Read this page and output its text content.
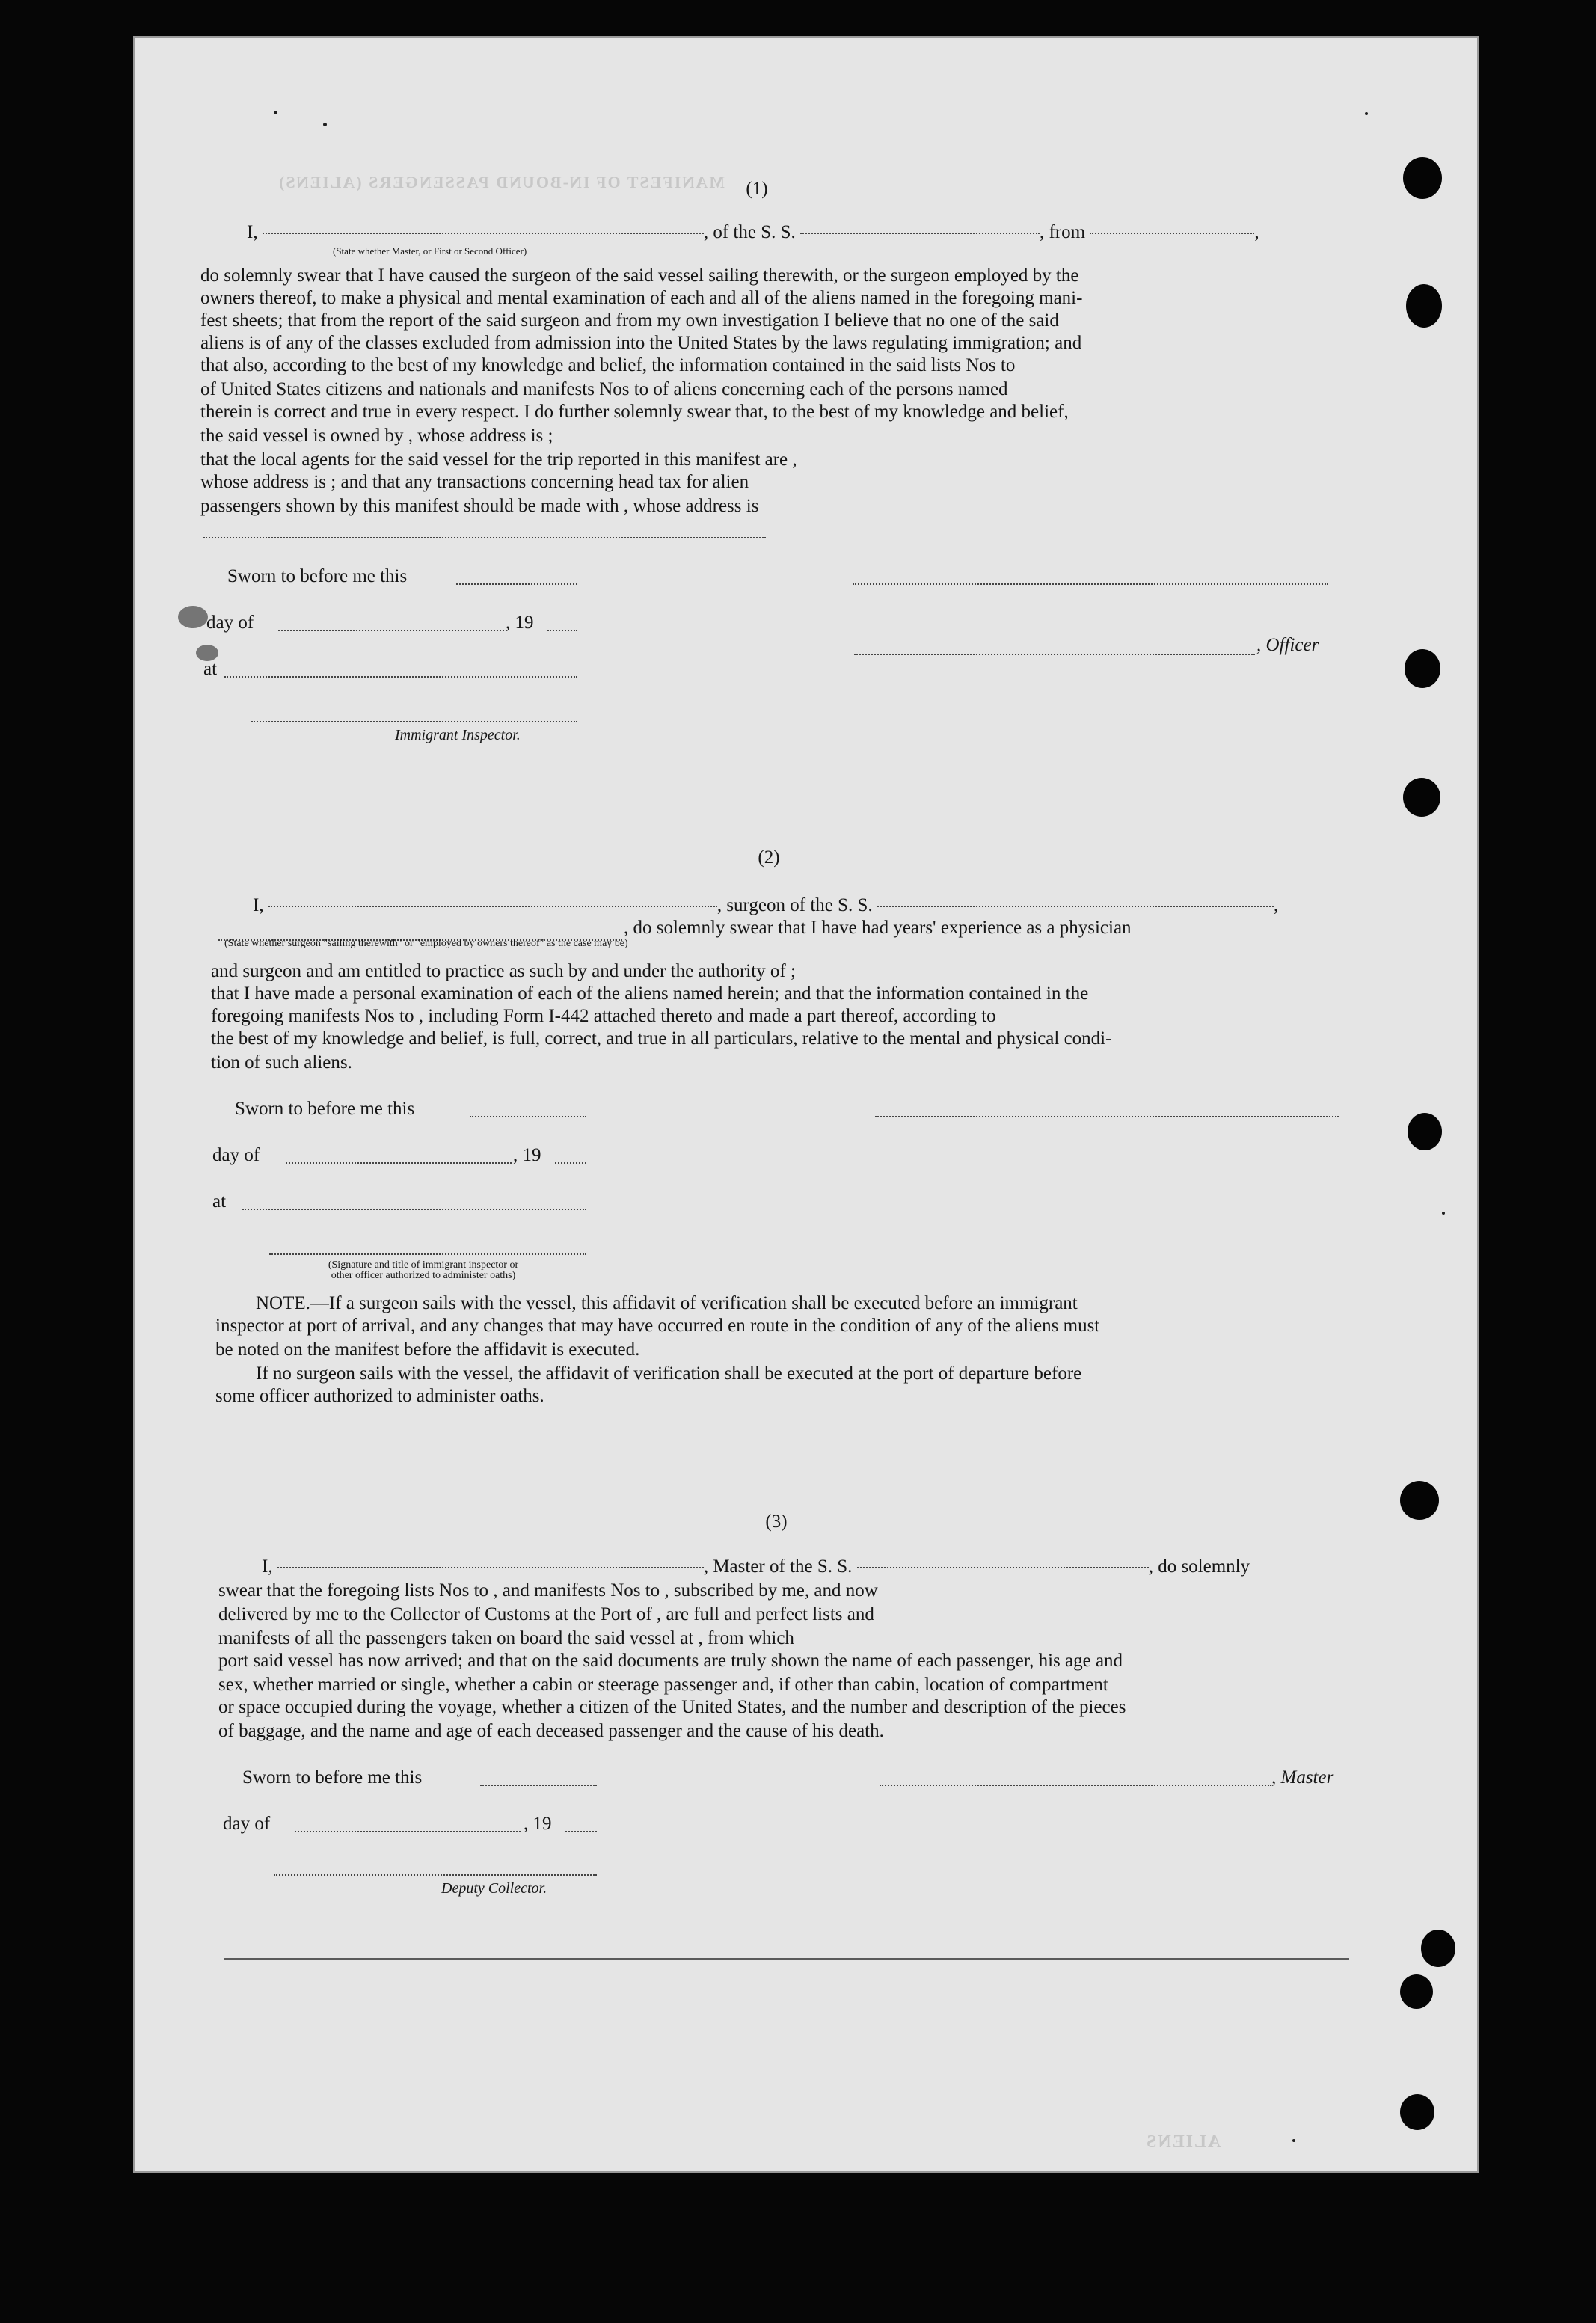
MANIFEST OF IN-BOUND PASSENGERS (ALIENS)
ALIENS
(1)
I,	, of the S. S.	, from	,
(State whether Master, or First or Second Officer)
do solemnly swear that I have caused the surgeon of the said vessel sailing therewith, or the surgeon employed by the
owners thereof, to make a physical and mental examination of each and all of the aliens named in the foregoing mani-
fest sheets; that from the report of the said surgeon and from my own investigation I believe that no one of the said
aliens is of any of the classes excluded from admission into the United States by the laws regulating immigration; and
that also, according to the best of my knowledge and belief, the information contained in the said lists Nos to
of United States citizens and nationals and manifests Nos to of aliens concerning each of the persons named
therein is correct and true in every respect. I do further solemnly swear that, to the best of my knowledge and belief,
the said vessel is owned by , whose address is ;
that the local agents for the said vessel for the trip reported in this manifest are ,
whose address is ; and that any transactions concerning head tax for alien
passengers shown by this manifest should be made with , whose address is
Sworn to before me this
day of	, 19
, Officer
at
Immigrant Inspector.
(2)
I,	, surgeon of the S. S.	,
, do solemnly swear that I have had years' experience as a physician
(State whether surgeon "sailing therewith" or "employed by owners thereof" as the case may be)
and surgeon and am entitled to practice as such by and under the authority of ;
that I have made a personal examination of each of the aliens named herein; and that the information contained in the
foregoing manifests Nos to , including Form I-442 attached thereto and made a part thereof, according to
the best of my knowledge and belief, is full, correct, and true in all particulars, relative to the mental and physical condi-
tion of such aliens.
Sworn to before me this
day of	, 19
at
(Signature and title of immigrant inspector or
other officer authorized to administer oaths)
NOTE.—If a surgeon sails with the vessel, this affidavit of verification shall be executed before an immigrant
inspector at port of arrival, and any changes that may have occurred en route in the condition of any of the aliens must
be noted on the manifest before the affidavit is executed.
If no surgeon sails with the vessel, the affidavit of verification shall be executed at the port of departure before
some officer authorized to administer oaths.
(3)
I,	, Master of the S. S.	, do solemnly
swear that the foregoing lists Nos to , and manifests Nos to , subscribed by me, and now
delivered by me to the Collector of Customs at the Port of , are full and perfect lists and
manifests of all the passengers taken on board the said vessel at , from which
port said vessel has now arrived; and that on the said documents are truly shown the name of each passenger, his age and
sex, whether married or single, whether a cabin or steerage passenger and, if other than cabin, location of compartment
or space occupied during the voyage, whether a citizen of the United States, and the number and description of the pieces
of baggage, and the name and age of each deceased passenger and the cause of his death.
Sworn to before me this	, Master
day of	, 19
Deputy Collector.
